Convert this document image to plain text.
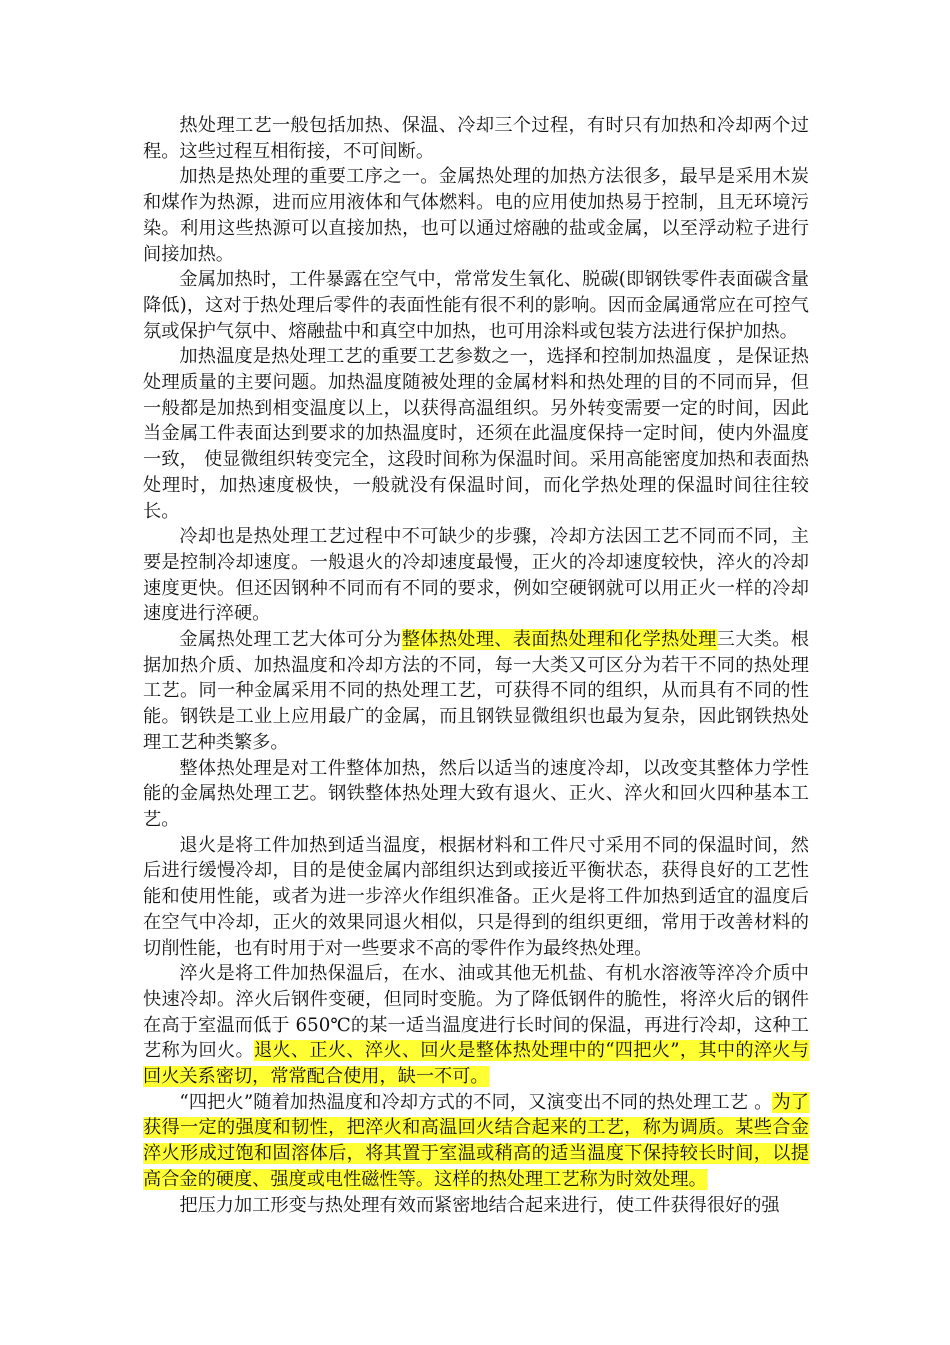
热处理工艺一般包括加热、保温、冷却三个过程，有时只有加热和冷却两个过程。这些过程互相衔接，不可间断。

加热是热处理的重要工序之一。金属热处理的加热方法很多，最早是采用木炭和煤作为热源，进而应用液体和气体燃料。电的应用使加热易于控制，且无环境污染。利用这些热源可以直接加热，也可以通过熔融的盐或金属，以至浮动粒子进行间接加热。

金属加热时，工件暴露在空气中，常常发生氧化、脱碳(即钢铁零件表面碳含量降低)，这对于热处理后零件的表面性能有很不利的影响。因而金属通常应在可控气氛或保护气氛中、熔融盐中和真空中加热，也可用涂料或包装方法进行保护加热。

加热温度是热处理工艺的重要工艺参数之一，选择和控制加热温度 ，是保证热处理质量的主要问题。加热温度随被处理的金属材料和热处理的目的不同而异，但一般都是加热到相变温度以上，以获得高温组织。另外转变需要一定的时间，因此当金属工件表面达到要求的加热温度时，还须在此温度保持一定时间，使内外温度一致， 使显微组织转变完全，这段时间称为保温时间。采用高能密度加热和表面热处理时，加热速度极快，一般就没有保温时间，而化学热处理的保温时间往往较长。

冷却也是热处理工艺过程中不可缺少的步骤，冷却方法因工艺不同而不同，主要是控制冷却速度。一般退火的冷却速度最慢，正火的冷却速度较快，淬火的冷却速度更快。但还因钢种不同而有不同的要求，例如空硬钢就可以用正火一样的冷却速度进行淬硬。

金属热处理工艺大体可分为整体热处理、表面热处理和化学热处理三大类。根据加热介质、加热温度和冷却方法的不同，每一大类又可区分为若干不同的热处理工艺。同一种金属采用不同的热处理工艺，可获得不同的组织，从而具有不同的性能。钢铁是工业上应用最广的金属，而且钢铁显微组织也最为复杂，因此钢铁热处理工艺种类繁多。

整体热处理是对工件整体加热，然后以适当的速度冷却，以改变其整体力学性能的金属热处理工艺。钢铁整体热处理大致有退火、正火、淬火和回火四种基本工艺。

退火是将工件加热到适当温度，根据材料和工件尺寸采用不同的保温时间，然后进行缓慢冷却，目的是使金属内部组织达到或接近平衡状态，获得良好的工艺性能和使用性能，或者为进一步淬火作组织准备。正火是将工件加热到适宜的温度后在空气中冷却，正火的效果同退火相似，只是得到的组织更细，常用于改善材料的切削性能，也有时用于对一些要求不高的零件作为最终热处理。

淬火是将工件加热保温后，在水、油或其他无机盐、有机水溶液等淬冷介质中快速冷却。淬火后钢件变硬，但同时变脆。为了降低钢件的脆性，将淬火后的钢件在高于室温而低于 650℃的某一适当温度进行长时间的保温，再进行冷却，这种工艺称为回火。退火、正火、淬火、回火是整体热处理中的“四把火”，其中的淬火与回火关系密切，常常配合使用，缺一不可。

“四把火”随着加热温度和冷却方式的不同，又演变出不同的热处理工艺 。为了获得一定的强度和韧性，把淬火和高温回火结合起来的工艺，称为调质。某些合金淬火形成过饱和固溶体后，将其置于室温或稍高的适当温度下保持较长时间，以提高合金的硬度、强度或电性磁性等。这样的热处理工艺称为时效处理。

把压力加工形变与热处理有效而紧密地结合起来进行，使工件获得很好的强
